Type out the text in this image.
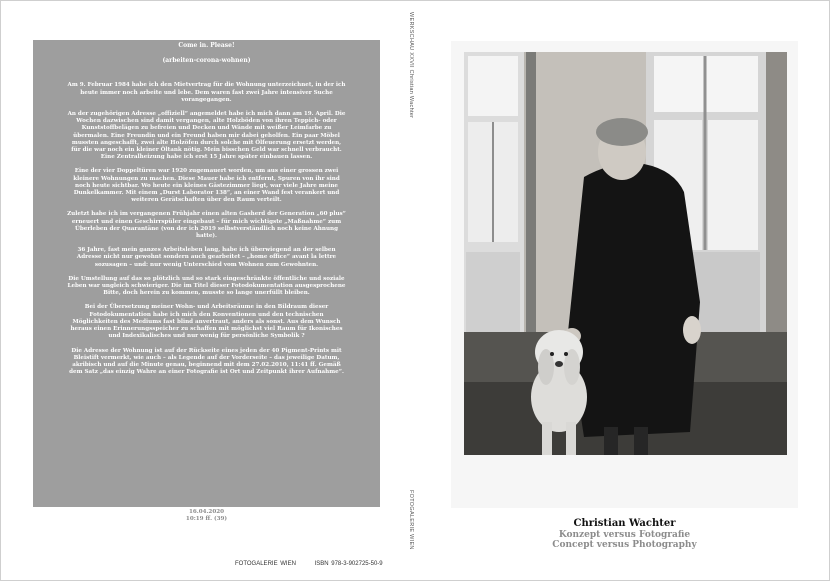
Come in. Please!
(arbeiten-corona-wohnen)

Am 9. Februar 1984 habe ich den Mietvertrag für die Wohnung unterzeichnet, in der ich heute immer noch arbeite und lebe. Dem waren fast zwei Jahre intensiver Suche vorangegangen.

An der zugehörigen Adresse „offiziell“ angemeldet habe ich mich dann am 19. April. Die Wochen dazwischen sind damit vergangen, alte Holzböden von ihren Teppich- oder Kunststoffbelägen zu befreien und Decken und Wände mit weißer Leimfarbe zu übermalen. Eine Freundin und ein Freund haben mir dabei geholfen. Ein paar Möbel mussten angeschafft, zwei alte Holzöfen durch solche mit Ölfeuerung ersetzt werden, für die war noch ein kleiner Öltank nötig. Mein bisschen Geld war schnell verbraucht. Eine Zentralheizung habe ich erst 15 Jahre später einbauen lassen.

Eine der vier Doppeltüren war 1920 zugemauert worden, um aus einer grossen zwei kleinere Wohnungen zu machen. Diese Mauer habe ich entfernt, Spuren von ihr sind noch heute sichtbar. Wo heute ein kleines Gästezimmer liegt, war viele Jahre meine Dunkelkammer. Mit einem „Durst Laborator 138“, an einer Wand fest verankert und weiteren Gerätschaften über den Raum verteilt.

Zuletzt habe ich im vergangenen Frühjahr einen alten Gasherd der Generation „60 plus“ erneuert und einen Geschirrspüler eingebaut – für mich wichtigste „Maßnahme“ zum Überleben der Quarantäne (von der ich 2019 selbstverständlich noch keine Ahnung hatte).

36 Jahre, fast mein ganzes Arbeitsleben lang, habe ich überwiegend an der selben Adresse nicht nur gewohnt sondern auch gearbeitet – „home office“ avant la lettre sozusagen – und: nur wenig Unterschied vom Wohnen zum Gewohnten.

Die Umstellung auf das so plötzlich und so stark eingeschränkte öffentliche und soziale Leben war ungleich schwieriger. Die im Titel dieser Fotodokumentation ausgesprochene Bitte, doch herein zu kommen, musste so lange unerfüllt bleiben.

Bei der Übersetzung meiner Wohn- und Arbeitsräume in den Bildraum dieser Fotodokumentation habe ich mich den Konventionen und den technischen Möglichkeiten des Mediums fast blind anvertraut, anders als sonst. Aus dem Wunsch heraus einen Erinnerungsspeicher zu schaffen mit möglichst viel Raum für Ikonisches und Indexikalisches und nur wenig für persönliche Symbolik ?

Die Adresse der Wohnung ist auf der Rückseite eines jeden der 40 Pigment-Prints mit Bleistift vermerkt, wie auch – als Legende auf der Vorderseite – das jeweilige Datum, akribisch und auf die Minute genau, beginnend mit dem 27.02.2010, 11:41 ff. Gemäß dem Satz „das einzig Wahre an einer Fotografie ist Ort und Zeitpunkt ihrer Aufnahme“.

16.04.2020
10:19 ff. (39)
WERKSCHAU XXVII Christian Wachter
FOTOGALERIE WIEN
FOTOGALERIE WIEN	ISBN 978-3-902725-50-9
Christian Wachter
Konzept versus Fotografie
Concept versus Photography
